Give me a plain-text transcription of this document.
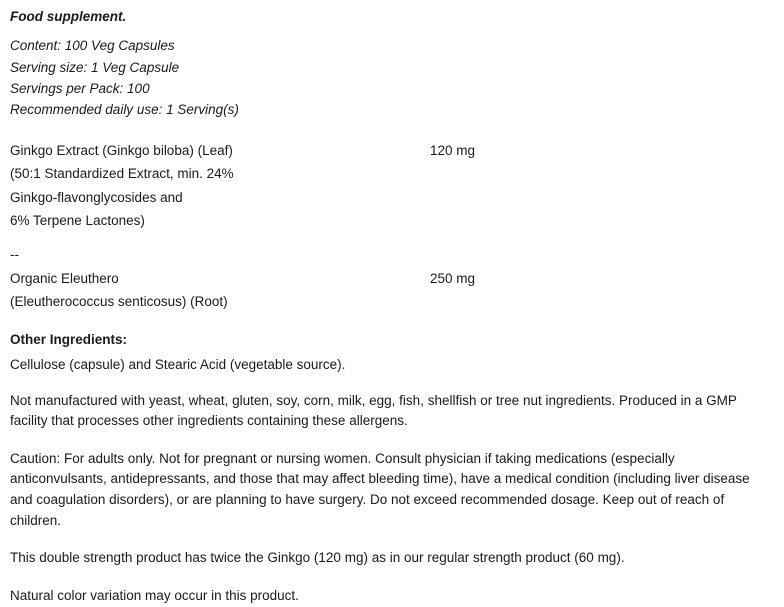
Food supplement.
Content: 100 Veg Capsules
Serving size: 1 Veg Capsule
Servings per Pack: 100
Recommended daily use: 1 Serving(s)
Ginkgo Extract (Ginkgo biloba) (Leaf)	120 mg	
(50:1 Standardized Extract, min. 24%		
Ginkgo-flavonglycosides and		
6% Terpene Lactones)		

--		
Organic Eleuthero	250 mg	
(Eleutherococcus senticosus) (Root)		
Other Ingredients:

Cellulose (capsule) and Stearic Acid (vegetable source).

Not manufactured with yeast, wheat, gluten, soy, corn, milk, egg, fish, shellfish or tree nut ingredients. Produced in a GMP facility that processes other ingredients containing these allergens.

Caution: For adults only. Not for pregnant or nursing women. Consult physician if taking medications (especially anticonvulsants, antidepressants, and those that may affect bleeding time), have a medical condition (including liver disease and coagulation disorders), or are planning to have surgery. Do not exceed recommended dosage. Keep out of reach of children.

This double strength product has twice the Ginkgo (120 mg) as in our regular strength product (60 mg).

Natural color variation may occur in this product.
